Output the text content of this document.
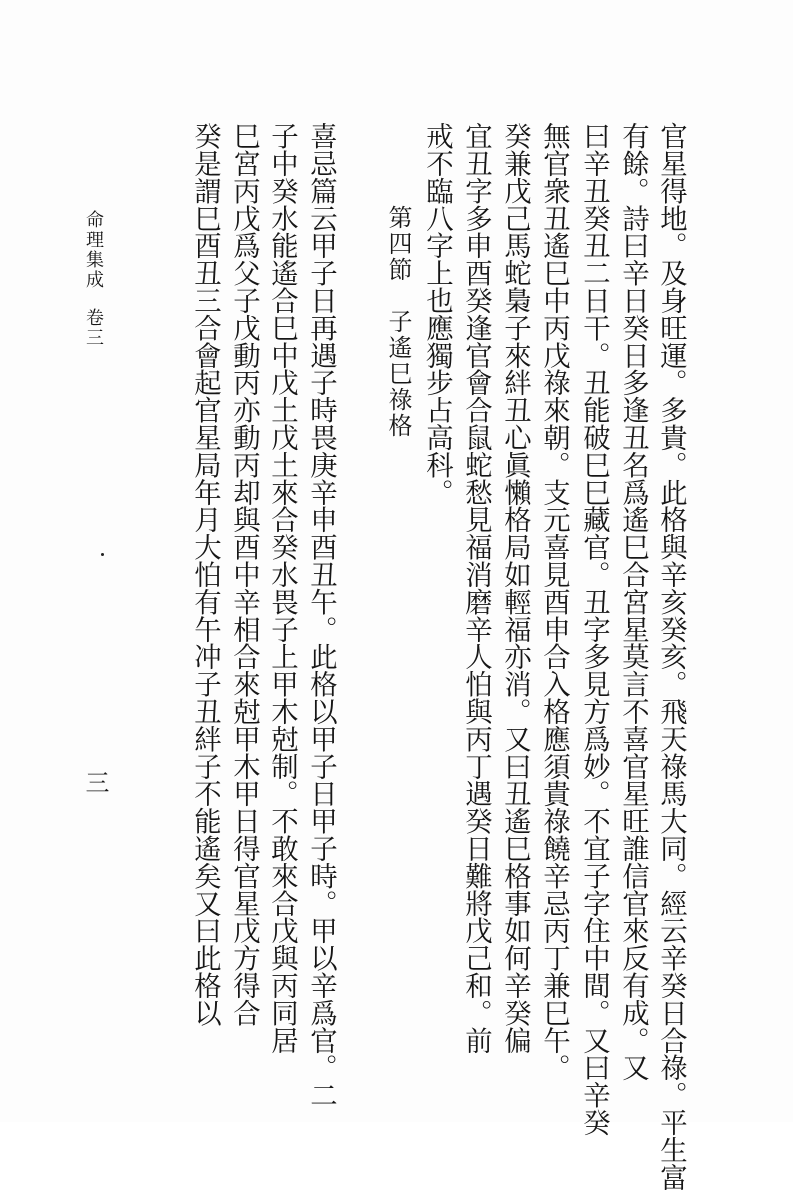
官星得地。及身旺運。多貴。此格與辛亥癸亥。飛天祿馬大同。經云辛癸日合祿。平生富
有餘。詩曰辛日癸日多逢丑名爲遙巳合宮星莫言不喜官星旺誰信官來反有成。又
曰辛丑癸丑二日干。丑能破巳巳藏官。丑字多見方爲妙。不宜子字住中間。又曰辛癸
無官衆丑遙巳中丙戊祿來朝。支元喜見酉申合入格應須貴祿饒辛忌丙丁兼巳午。
癸兼戊己馬蛇梟子來絆丑心眞懶格局如輕福亦消。又曰丑遙巳格事如何辛癸偏
宜丑字多申酉癸逢官會合鼠蛇愁見福消磨辛人怕與丙丁遇癸日難將戊己和。前
戒不臨八字上也應獨步占高科。
第四節　子遙巳祿格
喜忌篇云甲子日再遇子時畏庚辛申酉丑午。此格以甲子日甲子時。甲以辛爲官。二
子中癸水能遙合巳中戊土戊土來合癸水畏子上甲木尅制。不敢來合戊與丙同居
巳宮丙戊爲父子戊動丙亦動丙却與酉中辛相合來尅甲木甲日得官星戊方得合
癸是謂巳酉丑三合會起官星局年月大怕有午冲子丑絆子不能遙矣又曰此格以
命理集成卷三
三
